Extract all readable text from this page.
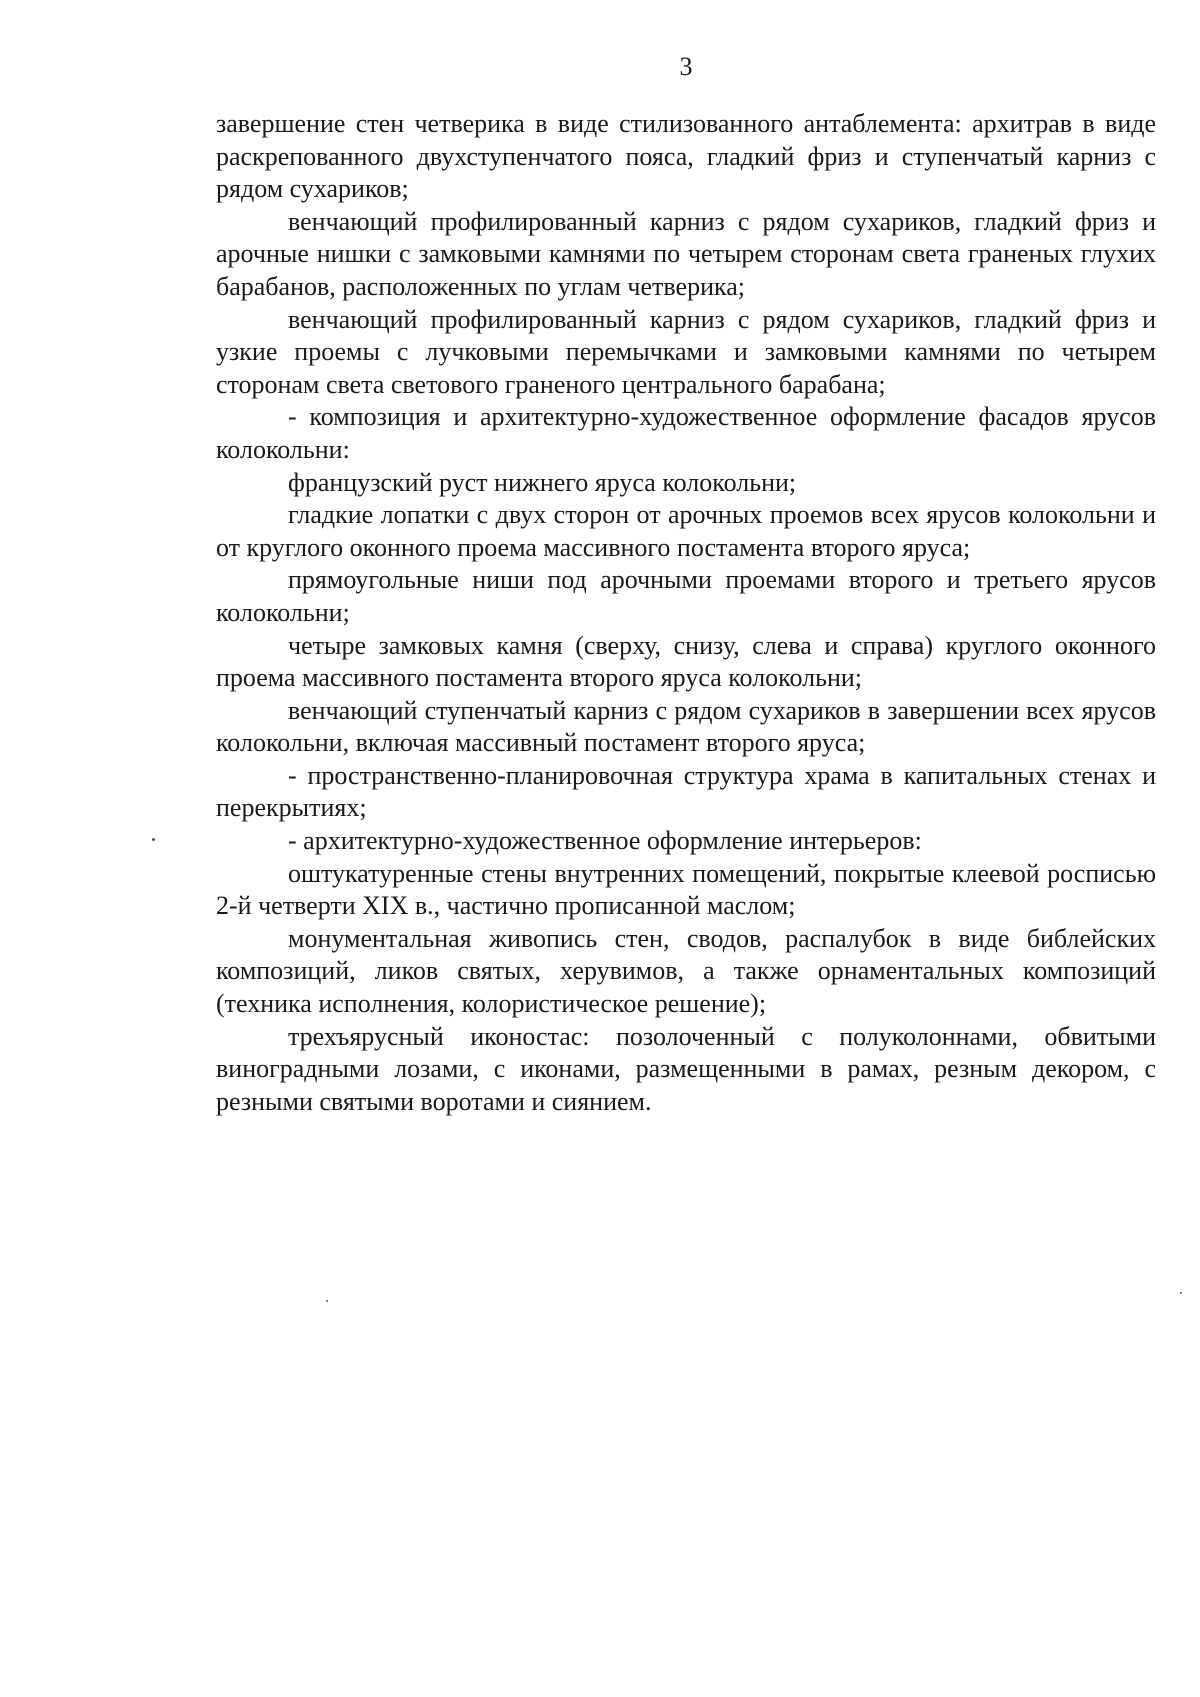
3

завершение стен четверика в виде стилизованного антаблемента: архитрав в виде раскрепованного двухступенчатого пояса, гладкий фриз и ступенчатый карниз с рядом сухариков;

венчающий профилированный карниз с рядом сухариков, гладкий фриз и арочные нишки с замковыми камнями по четырем сторонам света граненых глухих барабанов, расположенных по углам четверика;

венчающий профилированный карниз с рядом сухариков, гладкий фриз и узкие проемы с лучковыми перемычками и замковыми камнями по четырем сторонам света светового граненого центрального барабана;

- композиция и архитектурно-художественное оформление фасадов ярусов колокольни:

французский руст нижнего яруса колокольни;

гладкие лопатки с двух сторон от арочных проемов всех ярусов колокольни и от круглого оконного проема массивного постамента второго яруса;

прямоугольные ниши под арочными проемами второго и третьего ярусов колокольни;

четыре замковых камня (сверху, снизу, слева и справа) круглого оконного проема массивного постамента второго яруса колокольни;

венчающий ступенчатый карниз с рядом сухариков в завершении всех ярусов колокольни, включая массивный постамент второго яруса;

- пространственно-планировочная структура храма в капитальных стенах и перекрытиях;

- архитектурно-художественное оформление интерьеров:

оштукатуренные стены внутренних помещений, покрытые клеевой росписью 2-й четверти XIX в., частично прописанной маслом;

монументальная живопись стен, сводов, распалубок в виде библейских композиций, ликов святых, херувимов, а также орнаментальных композиций (техника исполнения, колористическое решение);

трехъярусный иконостас: позолоченный с полуколоннами, обвитыми виноградными лозами, с иконами, размещенными в рамах, резным декором, с резными святыми воротами и сиянием.
